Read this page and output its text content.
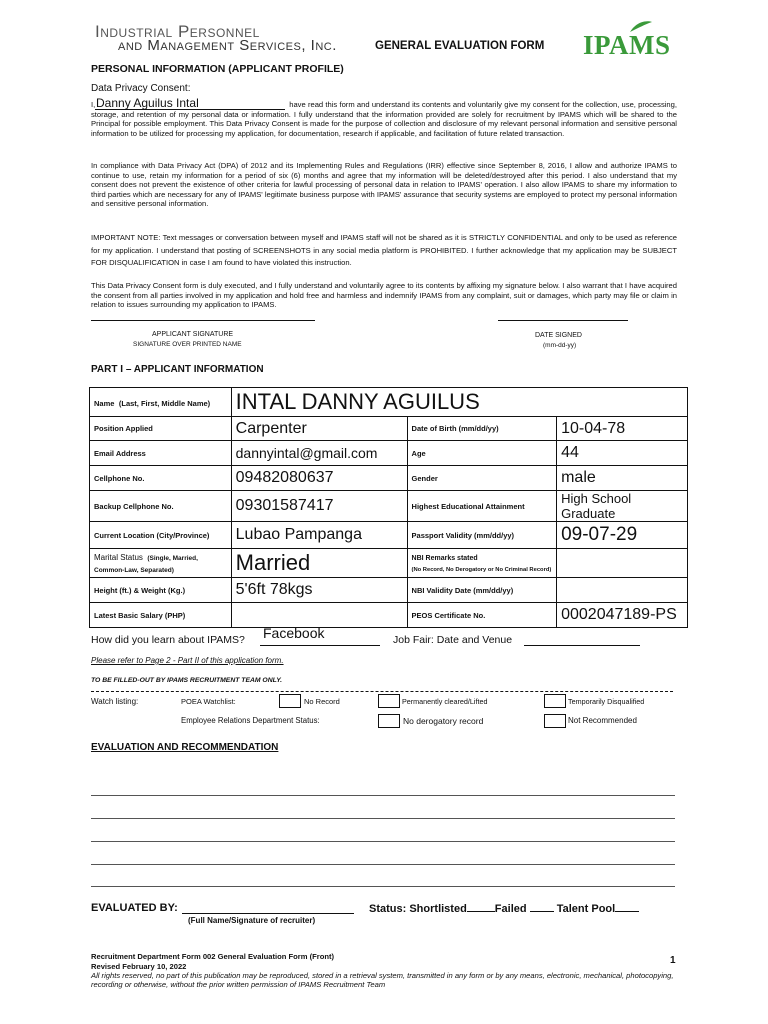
Industrial Personnel
and Management Services, Inc.	GENERAL EVALUATION FORM IPAMS
PERSONAL INFORMATION (APPLICANT PROFILE)
Data Privacy Consent:
I,	have read this form and understand its contents and voluntarily give my consent for the collection, use, processing, storage, and retention of my personal data or information. I fully understand that the information provided are solely for recruitment by IPAMS which will be shared to the Principal for possible employment. This Data Privacy Consent is made for the purpose of collection and disclosure of my relevant personal information and sensitive personal information to be utilized for processing my application, for documentation, research if applicable, and facilitation of future related transaction.
Danny Aguilus Intal
In compliance with Data Privacy Act (DPA) of 2012 and its Implementing Rules and Regulations (IRR) effective since September 8, 2016, I allow and authorize IPAMS to continue to use, retain my information for a period of six (6) months and agree that my information will be deleted/destroyed after this period. I also understand that my consent does not prevent the existence of other criteria for lawful processing of personal data in relation to IPAMS' operation. I also allow IPAMS to share my information to third parties which are necessary for any of IPAMS' legitimate business purpose with IPAMS' assurance that security systems are employed to protect my personal information and sensitive personal information.
IMPORTANT NOTE: Text messages or conversation between myself and IPAMS staff will not be shared as it is STRICTLY CONFIDENTIAL and only to be used as reference for my application. I understand that posting of SCREENSHOTS in any social media platform is PROHIBITED. I further acknowledge that my application may be SUBJECT FOR DISQUALIFICATION in case I am found to have violated this instruction.
This Data Privacy Consent form is duly executed, and I fully understand and voluntarily agree to its contents by affixing my signature below. I also warrant that I have acquired the consent from all parties involved in my application and hold free and harmless and indemnify IPAMS from any complaint, suit or damages, which party may file or claim in relation to issues surrounding my application to IPAMS.
APPLICANT SIGNATURE
SIGNATURE OVER PRINTED NAME
DATE SIGNED
(mm-dd-yy)
PART I – APPLICANT INFORMATION
Name (Last, First, Middle Name)	INTAL DANNY AGUILUS		
Position Applied	Carpenter	Date of Birth (mm/dd/yy)	10-04-78
Email Address	dannyintal@gmail.com	Age	44
Cellphone No.	09482080637	Gender	male
Backup Cellphone No.	09301587417	Highest Educational Attainment	High School Graduate
Current Location (City/Province)	Lubao Pampanga	Passport Validity (mm/dd/yy)	09-07-29
Marital Status (Single, Married, Common-Law, Separated)	Married	NBI Remarks stated
(No Record, No Derogatory or No Criminal Record)	
Height (ft.) & Weight (Kg.)	5'6ft 78kgs	NBI Validity Date (mm/dd/yy)	
Latest Basic Salary (PHP)		PEOS Certificate No.	0002047189-PS
How did you learn about IPAMS? Facebook	Job Fair: Date and Venue
Please refer to Page 2 - Part II of this application form.
TO BE FILLED-OUT BY IPAMS RECRUITMENT TEAM ONLY.
Watch listing:	POEA Watchlist:	No Record	Permanently cleared/Lifted	Temporarily Disqualified
Employee Relations Department Status:	No derogatory record	Not Recommended
EVALUATION AND RECOMMENDATION
EVALUATED BY:
(Full Name/Signature of recruiter)
Status: Shortlisted	Failed	Talent Pool
Recruitment Department Form 002 General Evaluation Form (Front)
Revised February 10, 2022
All rights reserved, no part of this publication may be reproduced, stored in a retrieval system, transmitted in any form or by any means, electronic, mechanical, photocopying, recording or otherwise, without the prior written permission of IPAMS Recruitment Team
1
